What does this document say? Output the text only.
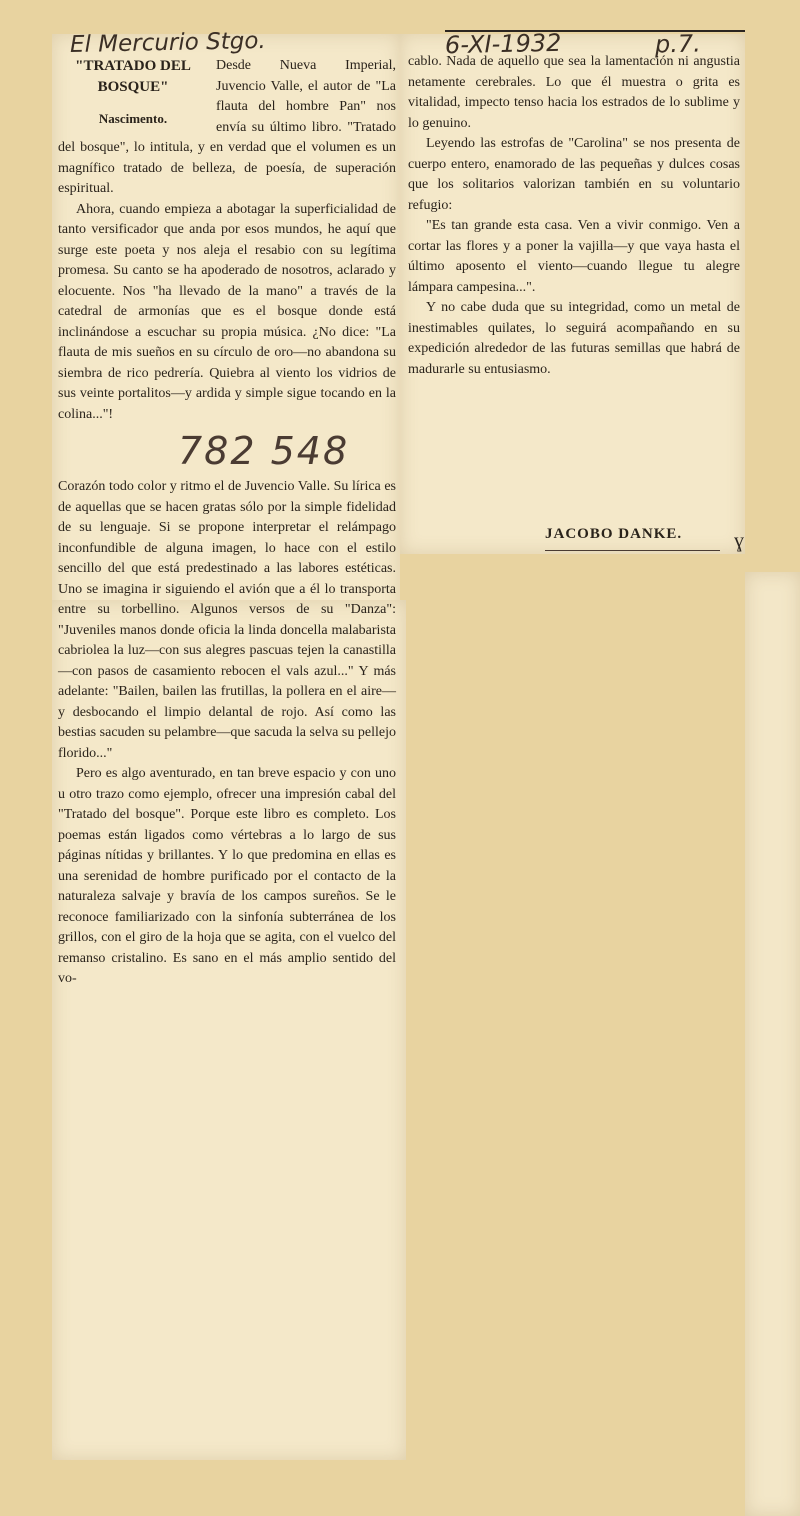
El Mercurio Stgo.	6-XI-1932	p.7.
"TRATADO DEL BOSQUE"
Nascimento.

Desde Nueva Imperial, Juvencio Valle, el autor de "La flauta del hombre Pan" nos envía su último libro. "Tratado del bosque", lo intitula, y en verdad que el volumen es un magnífico tratado de belleza, de poesía, de superación espiritual.

Ahora, cuando empieza a abotagar la superficialidad de tanto versificador que anda por esos mundos, he aquí que surge este poeta y nos aleja el resabio con su legítima promesa. Su canto se ha apoderado de nosotros, aclarado y elocuente. Nos "ha llevado de la mano" a través de la catedral de armonías que es el bosque donde está inclinándose a escuchar su propia música. ¿No dice: "La flauta de mis sueños en su círculo de oro—no abandona su siembra de rico pedrería. Quiebra al viento los vidrios de sus veinte portalitos—y ardida y simple sigue tocando en la colina..."!

782 548

Corazón todo color y ritmo el de Juvencio Valle. Su lírica es de aquellas que se hacen gratas sólo por la simple fidelidad de su lenguaje. Si se propone interpretar el relámpago inconfundible de alguna imagen, lo hace con el estilo sencillo del que está predestinado a las labores estéticas. Uno se imagina ir siguiendo el avión que a él lo transporta entre su torbellino. Algunos versos de su "Danza": "Juveniles manos donde oficia la linda doncella malabarista cabriolea la luz—con sus alegres pascuas tejen la canastilla—con pasos de casamiento rebocen el vals azul..." Y más adelante: "Bailen, bailen las frutillas, la pollera en el aire—y desbocando el limpio delantal de rojo. Así como las bestias sacuden su pelambre—que sacuda la selva su pellejo florido..."

Pero es algo aventurado, en tan breve espacio y con uno u otro trazo como ejemplo, ofrecer una impresión cabal del "Tratado del bosque". Porque este libro es completo. Los poemas están ligados como vértebras a lo largo de sus páginas nítidas y brillantes. Y lo que predomina en ellas es una serenidad de hombre purificado por el contacto de la naturaleza salvaje y bravía de los campos sureños. Se le reconoce familiarizado con la sinfonía subterránea de los grillos, con el giro de la hoja que se agita, con el vuelco del remanso cristalino. Es sano en el más amplio sentido del vo-

cablo. Nada de aquello que sea la lamentación ni angustia netamente cerebrales. Lo que él muestra o grita es vitalidad, impecto tenso hacia los estrados de lo sublime y lo genuino.

Leyendo las estrofas de "Carolina" se nos presenta de cuerpo entero, enamorado de las pequeñas y dulces cosas que los solitarios valorizan también en su voluntario refugio:

"Es tan grande esta casa. Ven a vivir conmigo. Ven a cortar las flores y a poner la vajilla—y que vaya hasta el último aposento el viento—cuando llegue tu alegre lámpara campesina...".

Y no cabe duda que su integridad, como un metal de inestimables quilates, lo seguirá acompañando en su expedición alrededor de las futuras semillas que habrá de madurarle su entusiasmo.

JACOBO DANKE.	ɣ
